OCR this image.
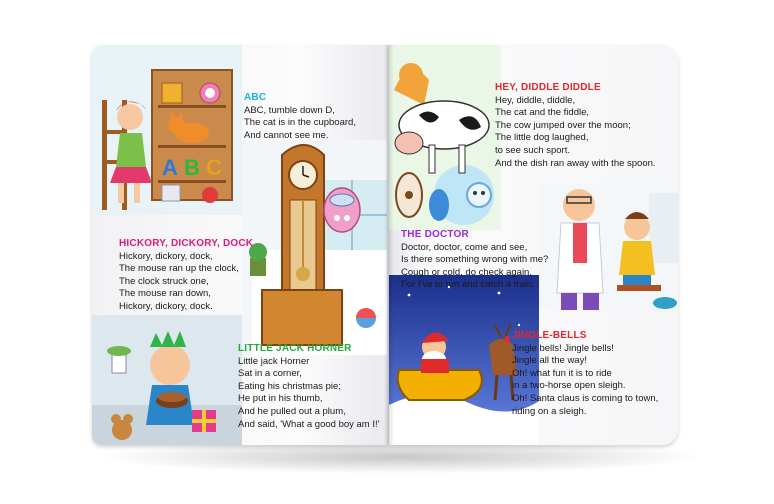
A B C
ABC
ABC, tumble down D,
The cat is in the cupboard,
And cannot see me.
HICKORY, DICKORY, DOCK
Hickory, dickory, dock,
The mouse ran up the clock,
The clock struck one,
The mouse ran down,
Hickory, dickory, dock.
LITTLE JACK HORNER
Little jack Horner
Sat in a corner,
Eating his christmas pie;
He put in his thumb,
And he pulled out a plum,
And said, 'What a good boy am I!'
HEY, DIDDLE DIDDLE
Hey, diddle, diddle,
The cat and the fiddle,
The cow jumped over the moon;
The little dog laughed,
to see such sport.
And the dish ran away with the spoon.
THE DOCTOR
Doctor, doctor, come and see,
Is there something wrong with me?
Cough or cold, do check again,
For I've to run and catch a train.
JINGLE-BELLS
Jingle bells! Jingle bells!
Jingle all the way!
Oh! what fun it is to ride
in a two-horse open sleigh.
Oh! Santa claus is coming to town,
riding on a sleigh.
